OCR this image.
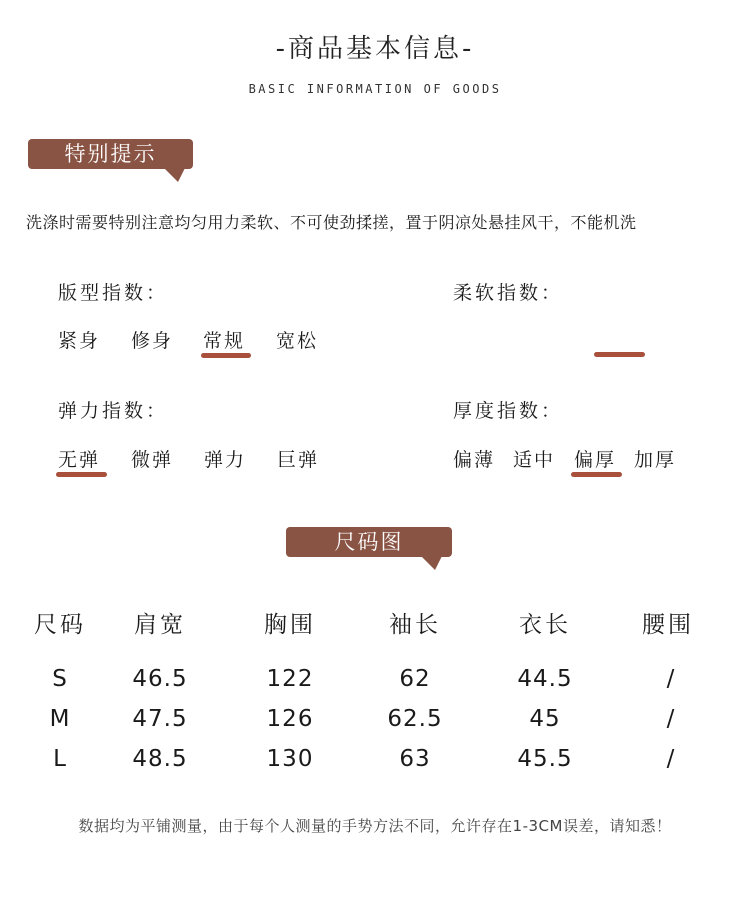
-商品基本信息-
BASIC INFORMATION OF GOODS
特别提示
洗涤时需要特别注意均匀用力柔软、不可使劲揉搓，置于阴凉处悬挂风干，不能机洗
版型指数：
紧身 修身 常规 宽松
柔软指数：
弹力指数：
无弹 微弹 弹力 巨弹
厚度指数：
偏薄 适中 偏厚 加厚
尺码图
尺码	肩宽	胸围	袖长	衣长	腰围
S	46.5	122	62	44.5	/
M	47.5	126	62.5	45	/
L	48.5	130	63	45.5	/
数据均为平铺测量，由于每个人测量的手势方法不同，允许存在1-3CM误差，请知悉！
